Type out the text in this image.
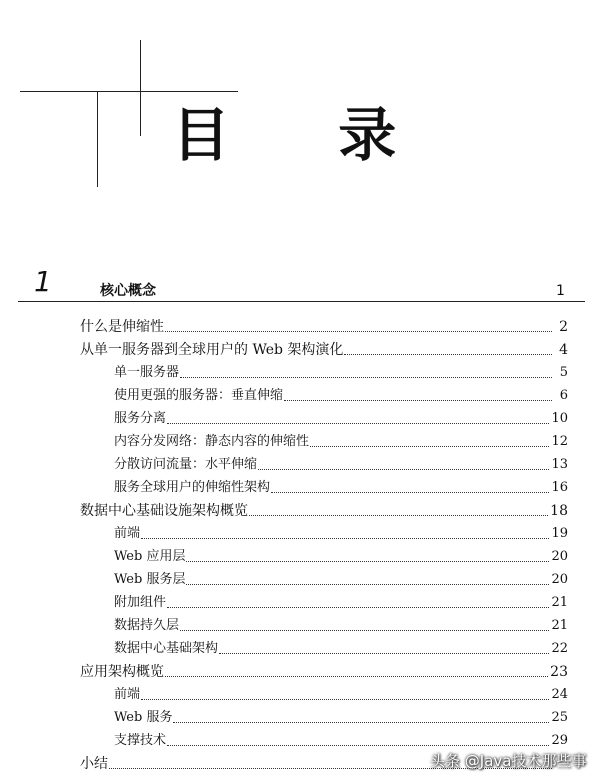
目 录
1	核心概念	1
什么是伸缩性	2
从单一服务器到全球用户的 Web 架构演化	4
单一服务器	5
使用更强的服务器：垂直伸缩	6
服务分离	10
内容分发网络：静态内容的伸缩性	12
分散访问流量：水平伸缩	13
服务全球用户的伸缩性架构	16
数据中心基础设施架构概览	18
前端	19
Web 应用层	20
Web 服务层	20
附加组件	21
数据持久层	21
数据中心基础架构	22
应用架构概览	23
前端	24
Web 服务	25
支撑技术	29
小结	头条 @Java技术那些事
